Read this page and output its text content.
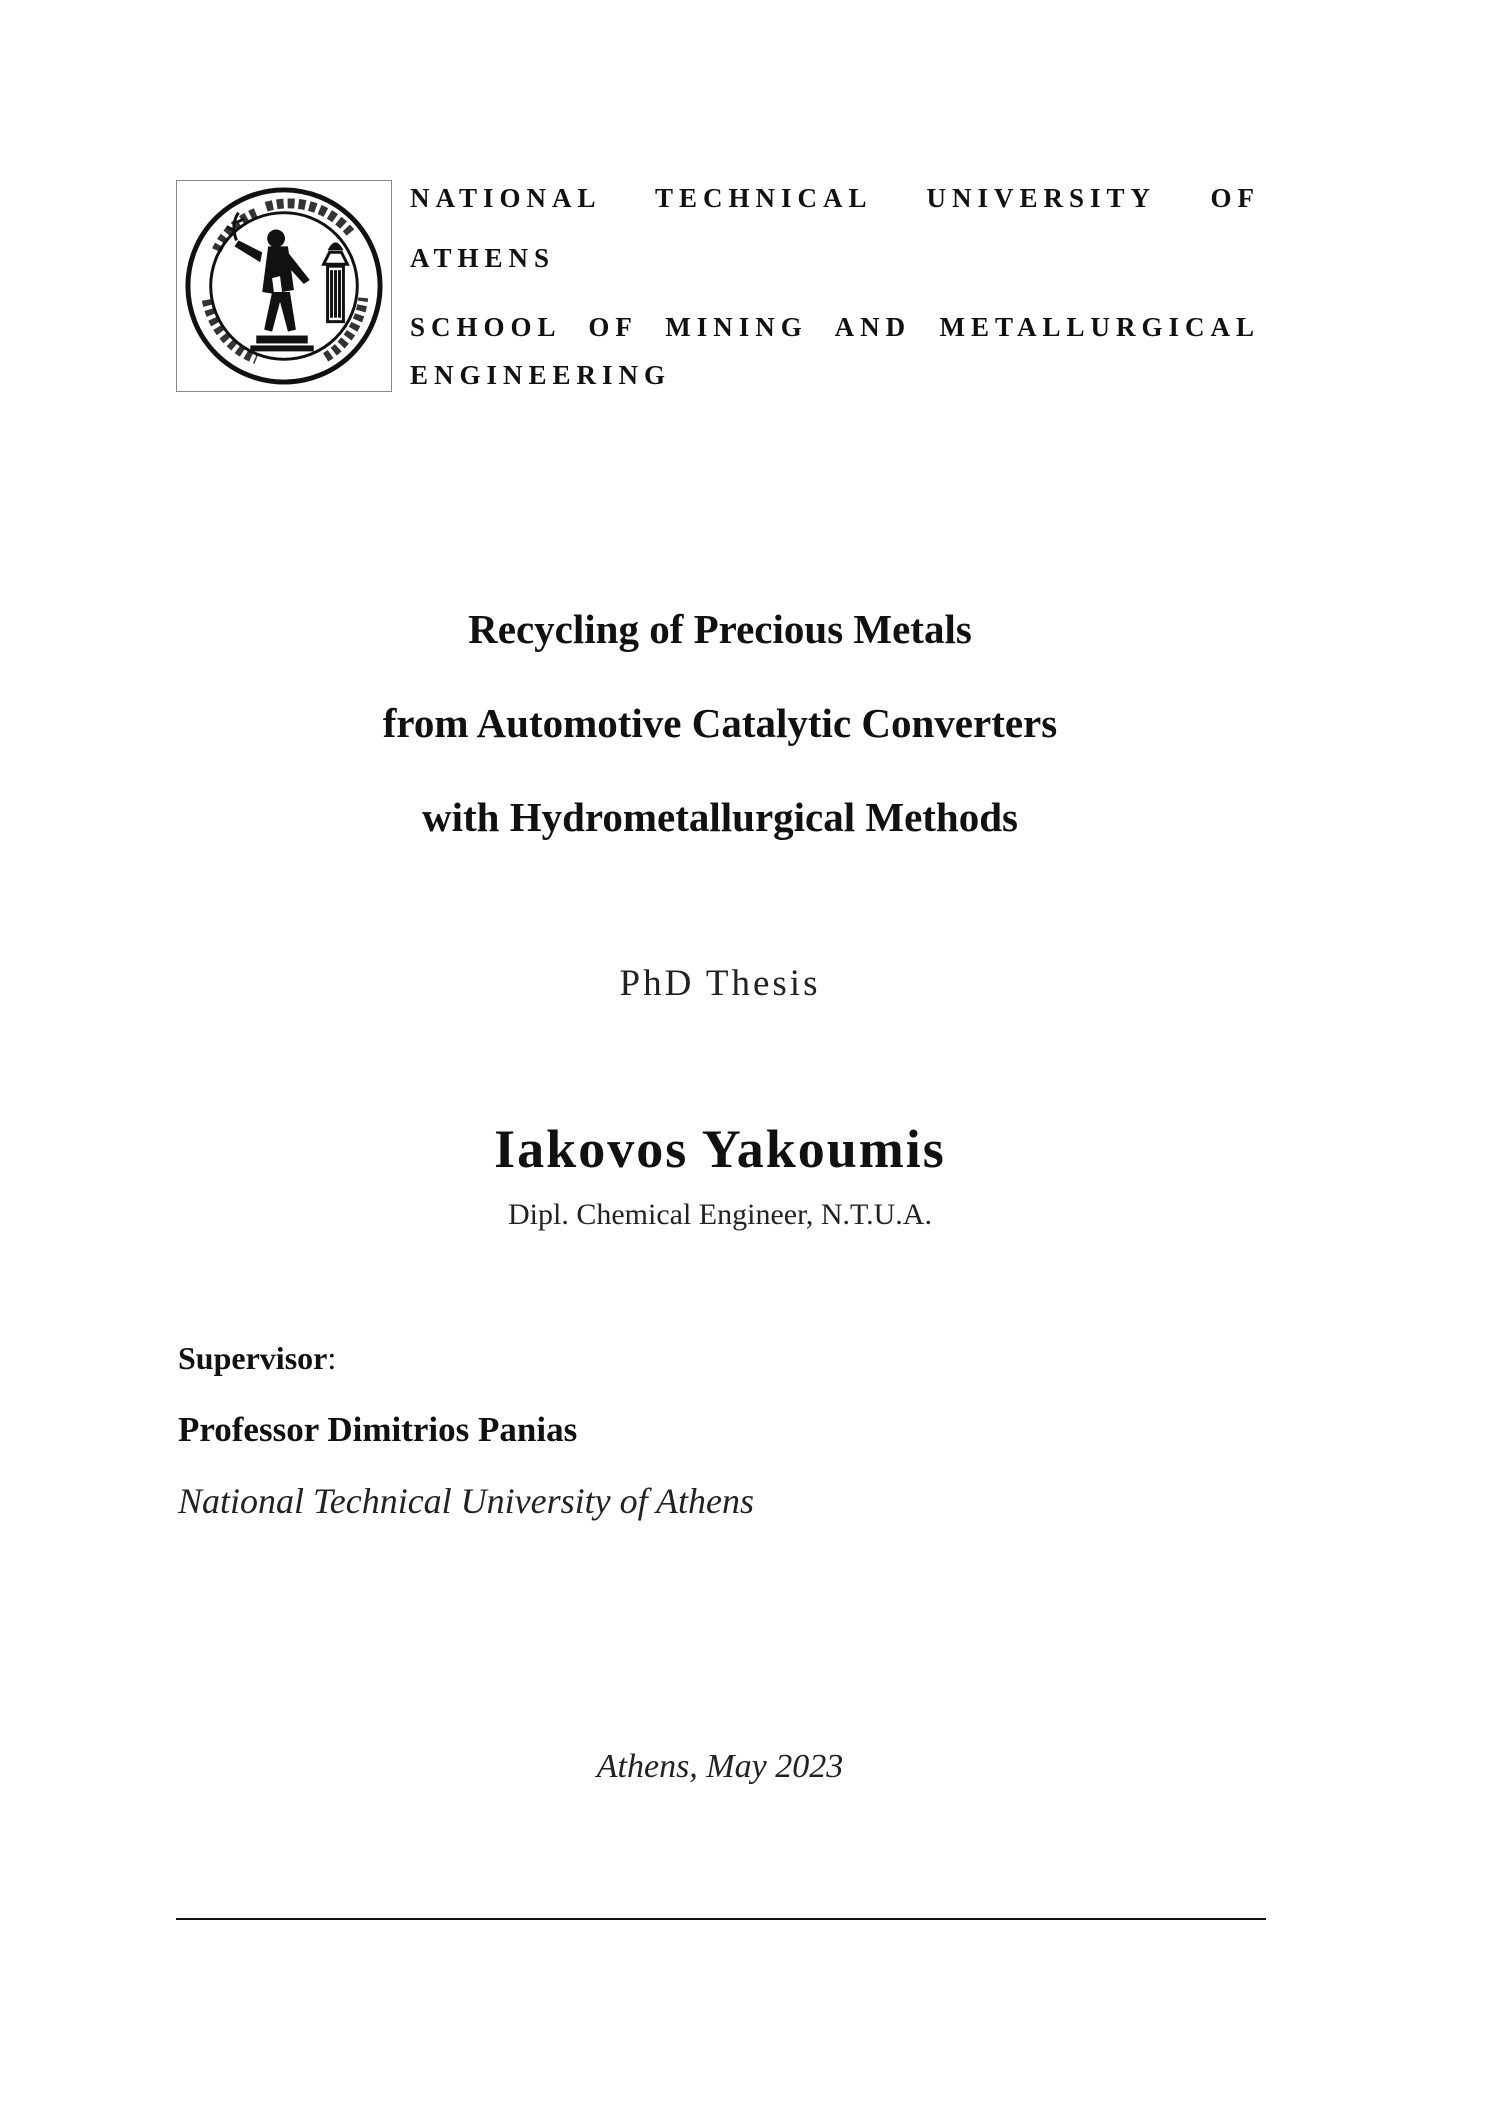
NATIONAL TECHNICAL UNIVERSITY OF ATHENS
SCHOOL OF MINING AND METALLURGICAL ENGINEERING
Recycling of Precious Metals
from Automotive Catalytic Converters
with Hydrometallurgical Methods
PhD Thesis
Iakovos Yakoumis
Dipl. Chemical Engineer, N.T.U.A.
Supervisor:
Professor Dimitrios Panias
National Technical University of Athens
Athens, May 2023
